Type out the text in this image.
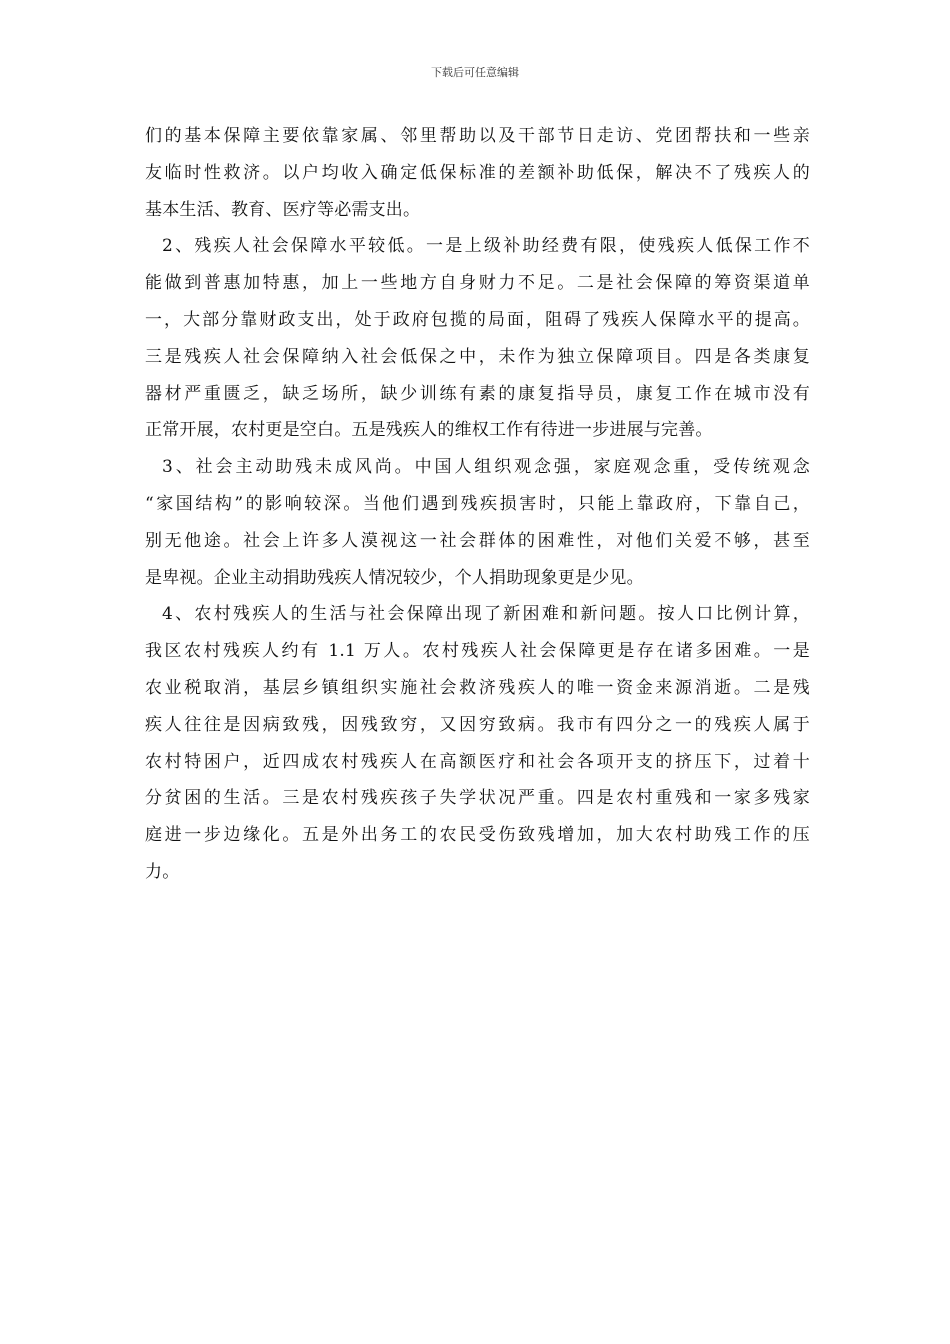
下载后可任意编辑
们的基本保障主要依靠家属、邻里帮助以及干部节日走访、党团帮扶和一些亲
友临时性救济。以户均收入确定低保标准的差额补助低保，解决不了残疾人的
基本生活、教育、医疗等必需支出。
2、残疾人社会保障水平较低。一是上级补助经费有限，使残疾人低保工作不
能做到普惠加特惠，加上一些地方自身财力不足。二是社会保障的筹资渠道单
一，大部分靠财政支出，处于政府包揽的局面，阻碍了残疾人保障水平的提高。
三是残疾人社会保障纳入社会低保之中，未作为独立保障项目。四是各类康复
器材严重匮乏，缺乏场所，缺少训练有素的康复指导员，康复工作在城市没有
正常开展，农村更是空白。五是残疾人的维权工作有待进一步进展与完善。
3、社会主动助残未成风尚。中国人组织观念强，家庭观念重，受传统观念
“家国结构”的影响较深。当他们遇到残疾损害时，只能上靠政府，下靠自己，
别无他途。社会上许多人漠视这一社会群体的困难性，对他们关爱不够，甚至
是卑视。企业主动捐助残疾人情况较少，个人捐助现象更是少见。
4、农村残疾人的生活与社会保障出现了新困难和新问题。按人口比例计算，
我区农村残疾人约有 1.1 万人。农村残疾人社会保障更是存在诸多困难。一是
农业税取消，基层乡镇组织实施社会救济残疾人的唯一资金来源消逝。二是残
疾人往往是因病致残，因残致穷，又因穷致病。我市有四分之一的残疾人属于
农村特困户，近四成农村残疾人在高额医疗和社会各项开支的挤压下，过着十
分贫困的生活。三是农村残疾孩子失学状况严重。四是农村重残和一家多残家
庭进一步边缘化。五是外出务工的农民受伤致残增加，加大农村助残工作的压
力。
